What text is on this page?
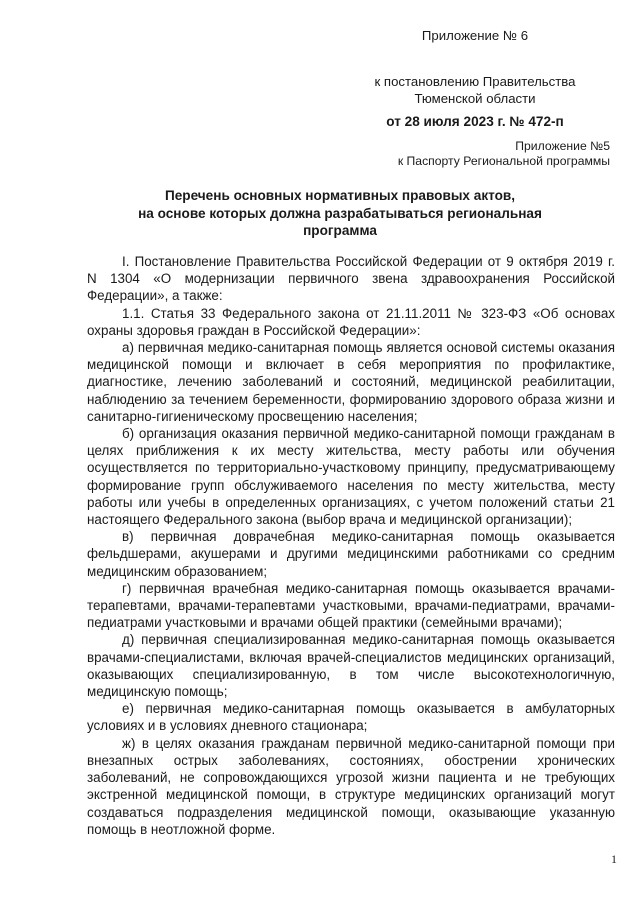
Приложение № 6
к постановлению Правительства
Тюменской области
от 28 июля 2023 г. № 472-п
Приложение №5
к Паспорту Региональной программы
Перечень основных нормативных правовых актов,
на основе которых должна разрабатываться региональная
программа

I. Постановление Правительства Российской Федерации от 9 октября 2019 г. N 1304 «О модернизации первичного звена здравоохранения Российской Федерации», а также:

1.1. Статья 33 Федерального закона от 21.11.2011 № 323-ФЗ «Об основах охраны здоровья граждан в Российской Федерации»:

а) первичная медико-санитарная помощь является основой системы оказания медицинской помощи и включает в себя мероприятия по профилактике, диагностике, лечению заболеваний и состояний, медицинской реабилитации, наблюдению за течением беременности, формированию здорового образа жизни и санитарно-гигиеническому просвещению населения;

б) организация оказания первичной медико-санитарной помощи гражданам в целях приближения к их месту жительства, месту работы или обучения осуществляется по территориально-участковому принципу, предусматривающему формирование групп обслуживаемого населения по месту жительства, месту работы или учебы в определенных организациях, с учетом положений статьи 21 настоящего Федерального закона (выбор врача и медицинской организации);

в) первичная доврачебная медико-санитарная помощь оказывается фельдшерами, акушерами и другими медицинскими работниками со средним медицинским образованием;

г) первичная врачебная медико-санитарная помощь оказывается врачами-терапевтами, врачами-терапевтами участковыми, врачами-педиатрами, врачами-педиатрами участковыми и врачами общей практики (семейными врачами);

д) первичная специализированная медико-санитарная помощь оказывается врачами-специалистами, включая врачей-специалистов медицинских организаций, оказывающих специализированную, в том числе высокотехнологичную, медицинскую помощь;

е) первичная медико-санитарная помощь оказывается в амбулаторных условиях и в условиях дневного стационара;

ж) в целях оказания гражданам первичной медико-санитарной помощи при внезапных острых заболеваниях, состояниях, обострении хронических заболеваний, не сопровождающихся угрозой жизни пациента и не требующих экстренной медицинской помощи, в структуре медицинских организаций могут создаваться подразделения медицинской помощи, оказывающие указанную помощь в неотложной форме.

1
